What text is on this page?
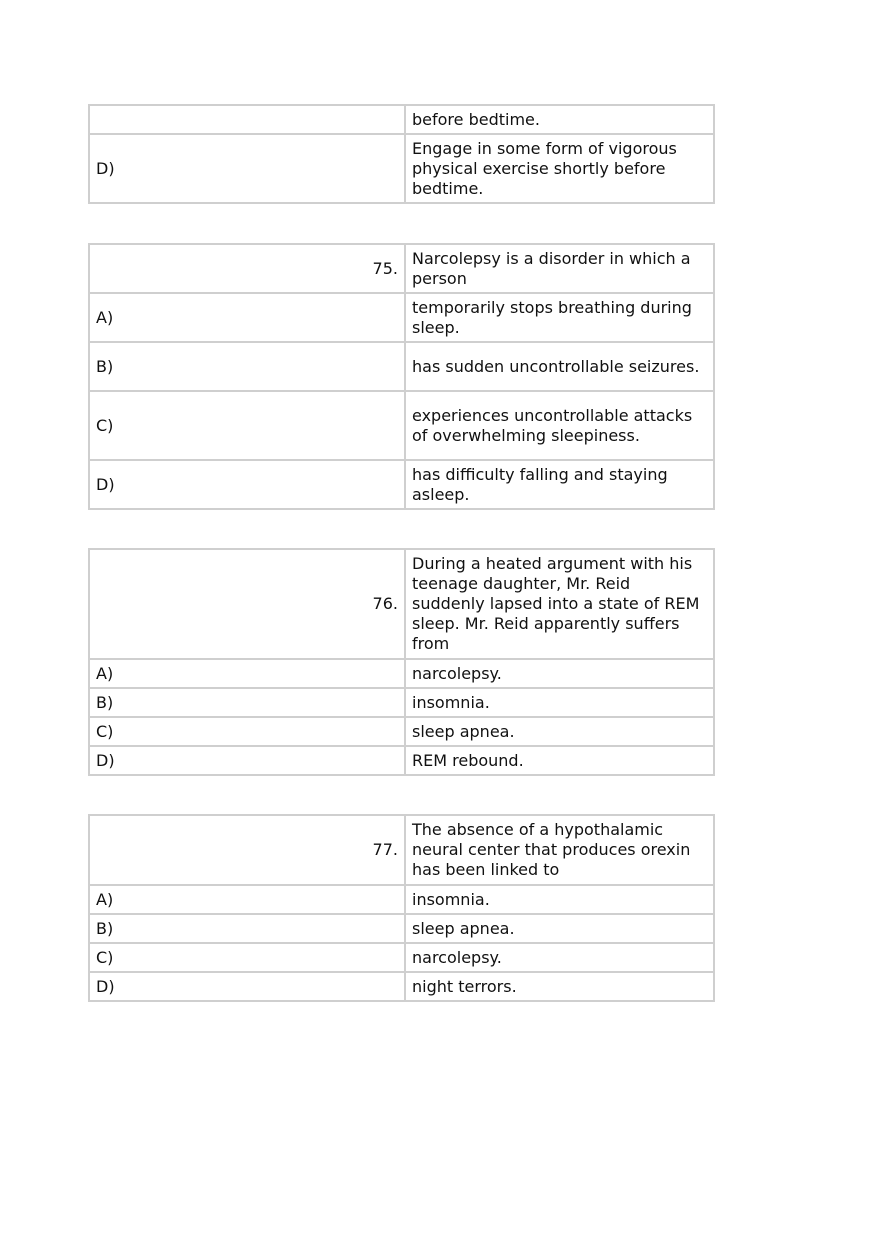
	before bedtime.
D)	Engage in some form of vigorous physical exercise shortly before bedtime.
75.	Narcolepsy is a disorder in which a person
A)	temporarily stops breathing during sleep.
B)	has sudden uncontrollable seizures.
C)	experiences uncontrollable attacks of overwhelming sleepiness.
D)	has difficulty falling and staying asleep.
76.	During a heated argument with his teenage daughter, Mr. Reid suddenly lapsed into a state of REM sleep. Mr. Reid apparently suffers from
A)	narcolepsy.
B)	insomnia.
C)	sleep apnea.
D)	REM rebound.
77.	The absence of a hypothalamic neural center that produces orexin has been linked to
A)	insomnia.
B)	sleep apnea.
C)	narcolepsy.
D)	night terrors.
